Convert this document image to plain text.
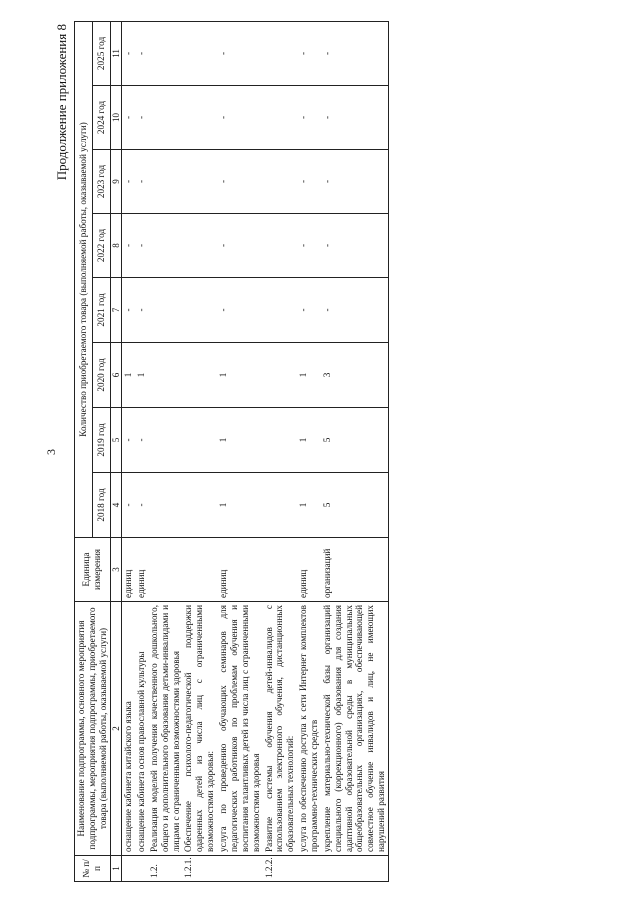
3
Продолжение приложения 8
№ п/п	Наименование подпрограммы, основного мероприятия подпрограммы, мероприятия подпрограммы, приобретаемого товара (выполняемой работы, оказываемой услуги)	Единица измерения	Количество приобретаемого товара (выполняемой работы, оказываемой услуги)							
			2018 год	2019 год	2020 год	2021 год	2022 год	2023 год	2024 год	2025 год
1	2	3	4	5	6	7	8	9	10	11
	оснащение кабинета китайского языка	единиц	-	-	1	-	-	-	-	-
	оснащение кабинета основ православной культуры	единиц	-	-	1	-	-	-	-	-
1.2.	Реализация моделей получения качественного дошкольного, общего и дополнительного образования детьми-инвалидами и лицами с ограниченными возможностями здоровья									
1.2.1.	Обеспечение психолого-педагогической поддержки одаренных детей из числа лиц с ограниченными возможностями здоровья:									
	услуга по проведению обучающих семинаров для педагогических работников по проблемам обучения и воспитания талантливых детей из числа лиц с ограниченными возможностями здоровья	единиц	1	1	1	-	-	-	-	-
1.2.2.	Развитие системы обучения детей-инвалидов с использованием электронного обучения, дистанционных образовательных технологий:									
	услуга по обеспечению доступа к сети Интернет комплектов программно-технических средств	единиц	1	1	1	-	-	-	-	-
	укрепление материально-технической базы организаций специального (коррекционного) образования для создания адаптивной образовательной среды в муниципальных общеобразовательных организациях, обеспечивающей совместное обучение инвалидов и лиц, не имеющих нарушений развития	организаций	5	5	3	-	-	-	-	-
